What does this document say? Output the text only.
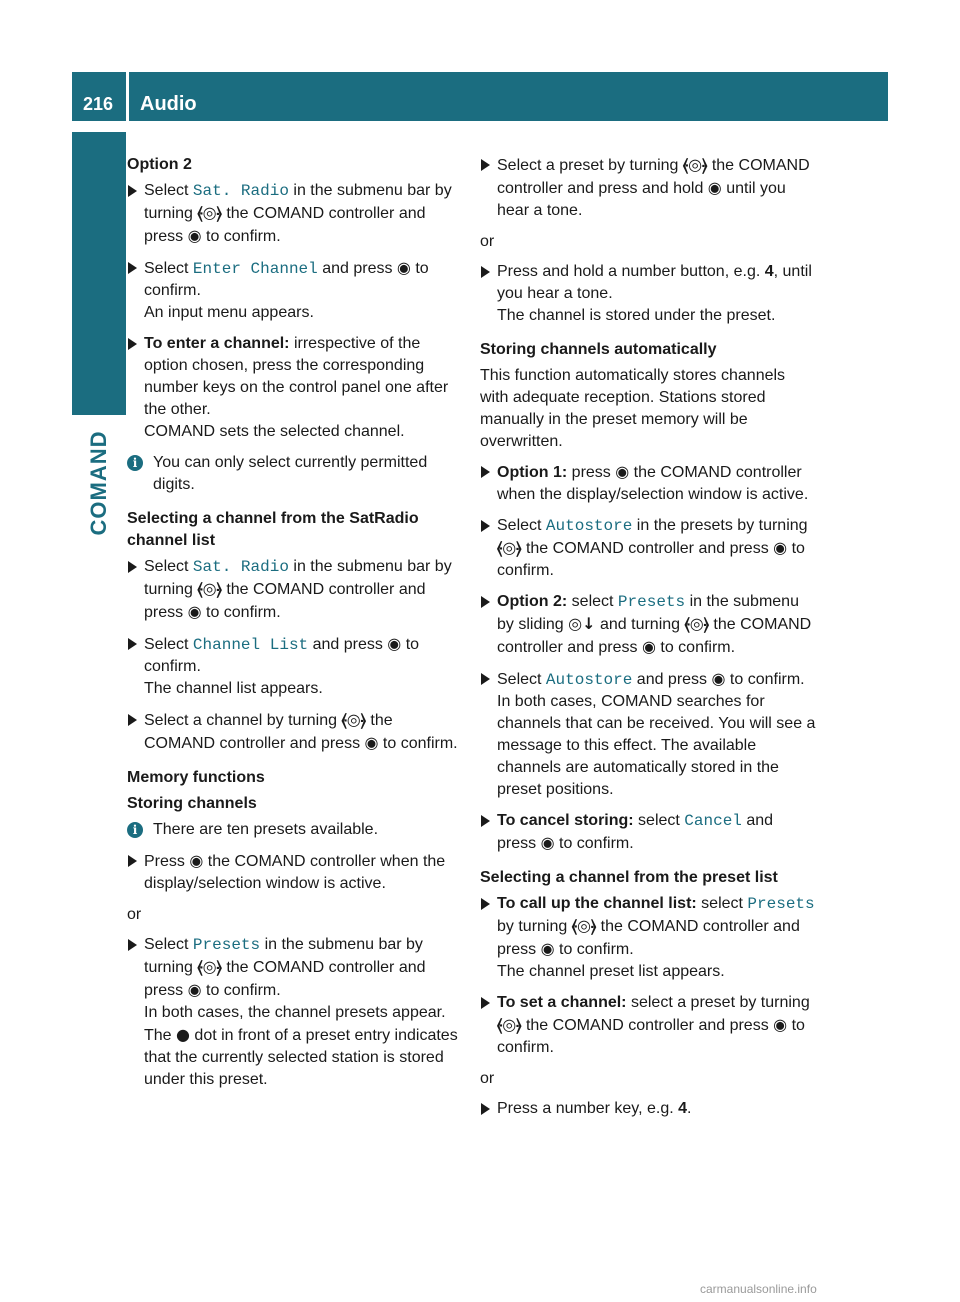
216	Audio
COMAND

Option 2

Select Sat. Radio in the submenu bar by turning ⦑◎⦒ the COMAND controller and press ◉ to confirm.
Select Enter Channel and press ◉ to confirm.
An input menu appears.
To enter a channel: irrespective of the option chosen, press the corresponding number keys on the control panel one after the other.
COMAND sets the selected channel.
i You can only select currently permitted digits.

Selecting a channel from the SatRadio channel list

Select Sat. Radio in the submenu bar by turning ⦑◎⦒ the COMAND controller and press ◉ to confirm.
Select Channel List and press ◉ to confirm.
The channel list appears.
Select a channel by turning ⦑◎⦒ the COMAND controller and press ◉ to confirm.

Memory functions

Storing channels

i There are ten presets available.
Press ◉ the COMAND controller when the display/selection window is active.

or

Select Presets in the submenu bar by turning ⦑◎⦒ the COMAND controller and press ◉ to confirm.
In both cases, the channel presets appear.
The ● dot in front of a preset entry indicates that the currently selected station is stored under this preset.
Select a preset by turning ⦑◎⦒ the COMAND controller and press and hold ◉ until you hear a tone.

or

Press and hold a number button, e.g. 4, until you hear a tone.
The channel is stored under the preset.

Storing channels automatically

This function automatically stores channels with adequate reception. Stations stored manually in the preset memory will be overwritten.

Option 1: press ◉ the COMAND controller when the display/selection window is active.
Select Autostore in the presets by turning ⦑◎⦒ the COMAND controller and press ◉ to confirm.
Option 2: select Presets in the submenu by sliding ◎↓ and turning ⦑◎⦒ the COMAND controller and press ◉ to confirm.
Select Autostore and press ◉ to confirm.
In both cases, COMAND searches for channels that can be received. You will see a message to this effect. The available channels are automatically stored in the preset positions.
To cancel storing: select Cancel and press ◉ to confirm.

Selecting a channel from the preset list

To call up the channel list: select Presets by turning ⦑◎⦒ the COMAND controller and press ◉ to confirm.
The channel preset list appears.
To set a channel: select a preset by turning ⦑◎⦒ the COMAND controller and press ◉ to confirm.

or

Press a number key, e.g. 4.
carmanualsonline.info
